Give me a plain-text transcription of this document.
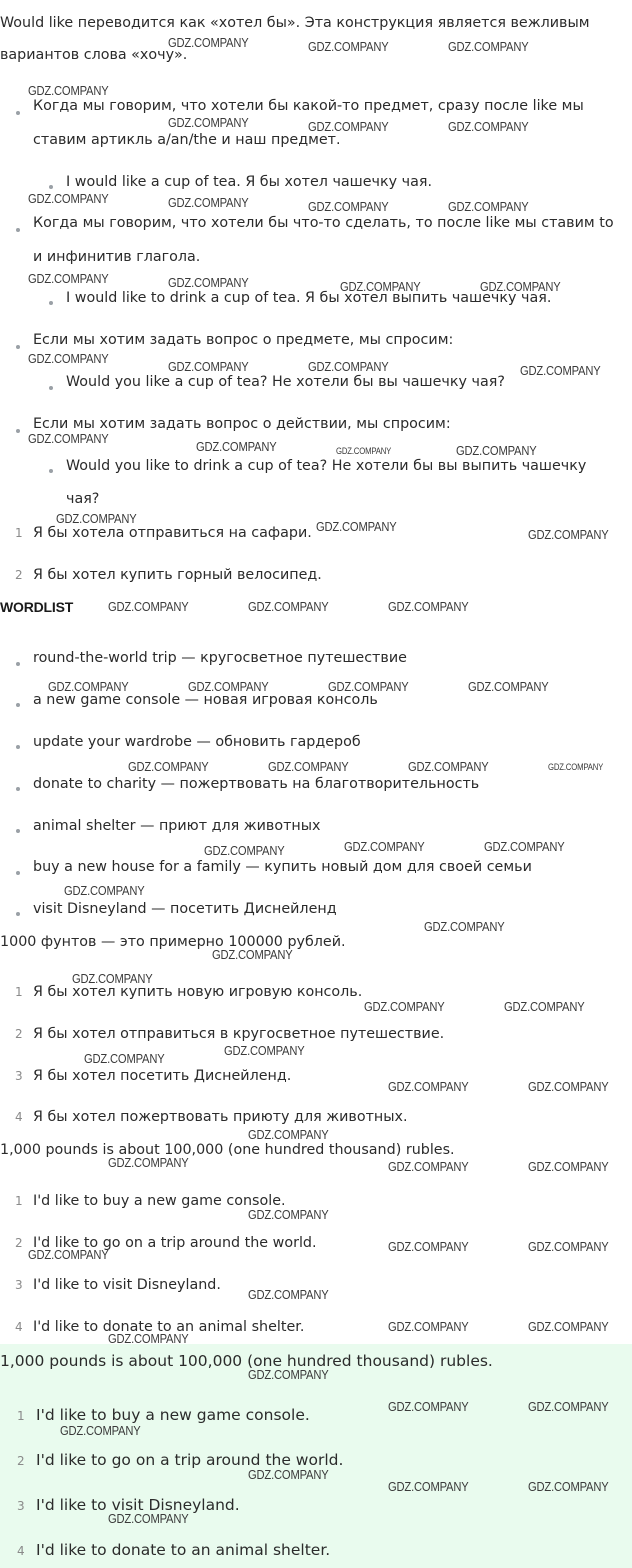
Would like переводится как «хотел бы». Эта конструкция является вежливым
вариантов слова «хочу».
Когда мы говорим, что хотели бы какой-то предмет, сразу после like мы
ставим артикль a/an/the и наш предмет.
I would like a cup of tea. Я бы хотел чашечку чая.
Когда мы говорим, что хотели бы что-то сделать, то после like мы ставим to
и инфинитив глагола.
I would like to drink a cup of tea. Я бы хотел выпить чашечку чая.
Если мы хотим задать вопрос о предмете, мы спросим:
Would you like a cup of tea? Не хотели бы вы чашечку чая?
Если мы хотим задать вопрос о действии, мы спросим:
Would you like to drink a cup of tea? Не хотели бы вы выпить чашечку
чая?
1 Я бы хотела отправиться на сафари.
2 Я бы хотел купить горный велосипед.
WORDLIST
round-the-world trip — кругосветное путешествие
a new game console — новая игровая консоль
update your wardrobe — обновить гардероб
donate to charity — пожертвовать на благотворительность
animal shelter — приют для животных
buy a new house for a family — купить новый дом для своей семьи
visit Disneyland — посетить Диснейленд
1000 фунтов — это примерно 100000 рублей.
1 Я бы хотел купить новую игровую консоль.
2 Я бы хотел отправиться в кругосветное путешествие.
3 Я бы хотел посетить Диснейленд.
4 Я бы хотел пожертвовать приюту для животных.
1,000 pounds is about 100,000 (one hundred thousand) rubles.
1 I'd like to buy a new game console.
2 I'd like to go on a trip around the world.
3 I'd like to visit Disneyland.
4 I'd like to donate to an animal shelter.
1,000 pounds is about 100,000 (one hundred thousand) rubles.
1 I'd like to buy a new game console.
2 I'd like to go on a trip around the world.
3 I'd like to visit Disneyland.
4 I'd like to donate to an animal shelter.
GDZ.COMPANY	GDZ.COMPANY	GDZ.COMPANY
GDZ.COMPANY
GDZ.COMPANY	GDZ.COMPANY	GDZ.COMPANY
GDZ.COMPANY	GDZ.COMPANY	GDZ.COMPANY	GDZ.COMPANY
GDZ.COMPANY	GDZ.COMPANY	GDZ.COMPANY	GDZ.COMPANY
GDZ.COMPANY
GDZ.COMPANY	GDZ.COMPANY	GDZ.COMPANY
GDZ.COMPANY
GDZ.COMPANY	GDZ.COMPANY	GDZ.COMPANY
GDZ.COMPANY
GDZ.COMPANY
GDZ.COMPANY
GDZ.COMPANY	GDZ.COMPANY	GDZ.COMPANY
GDZ.COMPANY	GDZ.COMPANY	GDZ.COMPANY	GDZ.COMPANY
GDZ.COMPANY	GDZ.COMPANY	GDZ.COMPANY	GDZ.COMPANY
GDZ.COMPANY	GDZ.COMPANY	GDZ.COMPANY
GDZ.COMPANY
GDZ.COMPANY
GDZ.COMPANY
GDZ.COMPANY
GDZ.COMPANY	GDZ.COMPANY
GDZ.COMPANY
GDZ.COMPANY
GDZ.COMPANY	GDZ.COMPANY
GDZ.COMPANY
GDZ.COMPANY	GDZ.COMPANY	GDZ.COMPANY
GDZ.COMPANY
GDZ.COMPANY
GDZ.COMPANY	GDZ.COMPANY
GDZ.COMPANY
GDZ.COMPANY	GDZ.COMPANY
GDZ.COMPANY
GDZ.COMPANY
GDZ.COMPANY	GDZ.COMPANY
GDZ.COMPANY
GDZ.COMPANY
GDZ.COMPANY	GDZ.COMPANY
GDZ.COMPANY
